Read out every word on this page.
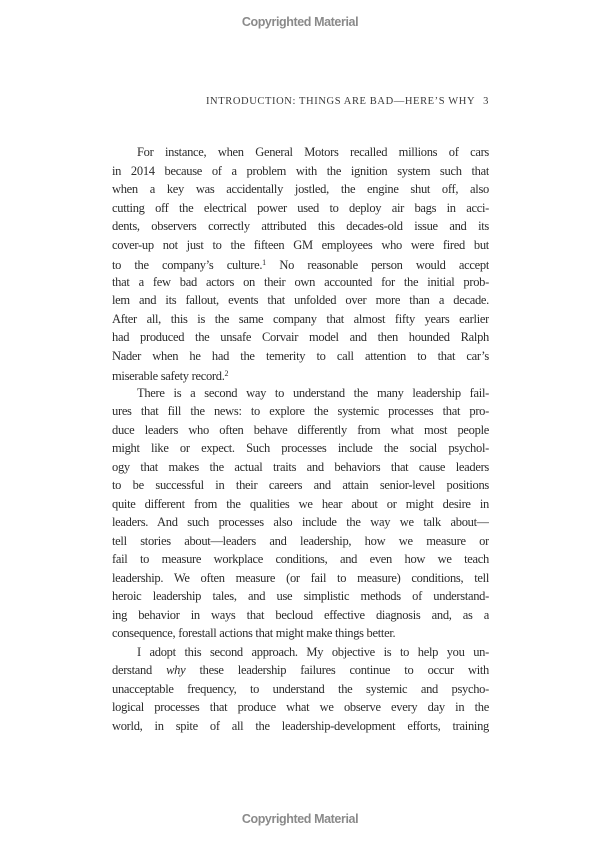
Copyrighted Material
INTRODUCTION: THINGS ARE BAD—HERE’S WHY 3
For instance, when General Motors recalled millions of cars
in 2014 because of a problem with the ignition system such that
when a key was accidentally jostled, the engine shut off, also
cutting off the electrical power used to deploy air bags in acci-
dents, observers correctly attributed this decades-old issue and its
cover-up not just to the fifteen GM employees who were fired but
to the company’s culture.$^1$ No reasonable person would accept
that a few bad actors on their own accounted for the initial prob-
lem and its fallout, events that unfolded over more than a decade.
After all, this is the same company that almost fifty years earlier
had produced the unsafe Corvair model and then hounded Ralph
Nader when he had the temerity to call attention to that car’s
miserable safety record.$^2$
There is a second way to understand the many leadership fail-
ures that fill the news: to explore the systemic processes that pro-
duce leaders who often behave differently from what most people
might like or expect. Such processes include the social psychol-
ogy that makes the actual traits and behaviors that cause leaders
to be successful in their careers and attain senior-level positions
quite different from the qualities we hear about or might desire in
leaders. And such processes also include the way we talk about—
tell stories about—leaders and leadership, how we measure or
fail to measure workplace conditions, and even how we teach
leadership. We often measure (or fail to measure) conditions, tell
heroic leadership tales, and use simplistic methods of understand-
ing behavior in ways that becloud effective diagnosis and, as a
consequence, forestall actions that might make things better.
I adopt this second approach. My objective is to help you un-
derstand why these leadership failures continue to occur with
unacceptable frequency, to understand the systemic and psycho-
logical processes that produce what we observe every day in the
world, in spite of all the leadership-development efforts, training
Copyrighted Material
